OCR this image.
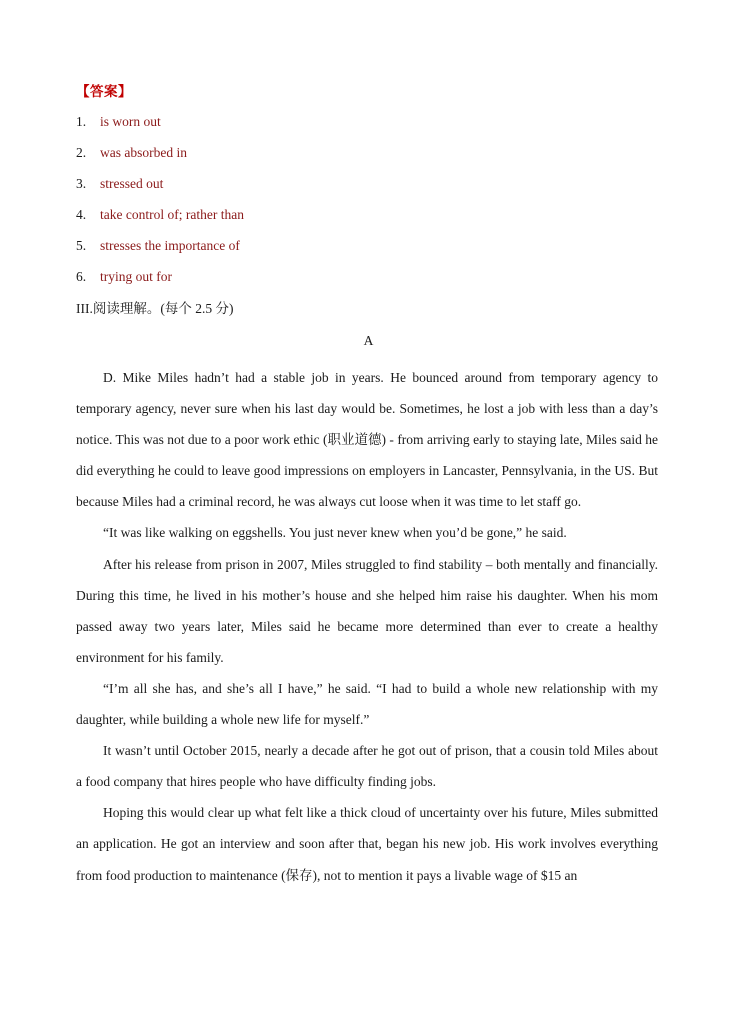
【答案】
1. is worn out
2. was absorbed in
3. stressed out
4. take control of; rather than
5. stresses the importance of
6. trying out for
III.阅读理解。(每个 2.5 分)
A

D. Mike Miles hadn’t had a stable job in years. He bounced around from temporary agency to temporary agency, never sure when his last day would be. Sometimes, he lost a job with less than a day’s notice. This was not due to a poor work ethic (职业道德) - from arriving early to staying late, Miles said he did everything he could to leave good impressions on employers in Lancaster, Pennsylvania, in the US. But because Miles had a criminal record, he was always cut loose when it was time to let staff go.

“It was like walking on eggshells. You just never knew when you’d be gone,” he said.

After his release from prison in 2007, Miles struggled to find stability – both mentally and financially. During this time, he lived in his mother’s house and she helped him raise his daughter. When his mom passed away two years later, Miles said he became more determined than ever to create a healthy environment for his family.

“I’m all she has, and she’s all I have,” he said. “I had to build a whole new relationship with my daughter, while building a whole new life for myself.”

It wasn’t until October 2015, nearly a decade after he got out of prison, that a cousin told Miles about a food company that hires people who have difficulty finding jobs.

Hoping this would clear up what felt like a thick cloud of uncertainty over his future, Miles submitted an application. He got an interview and soon after that, began his new job. His work involves everything from food production to maintenance (保存), not to mention it pays a livable wage of $15 an
